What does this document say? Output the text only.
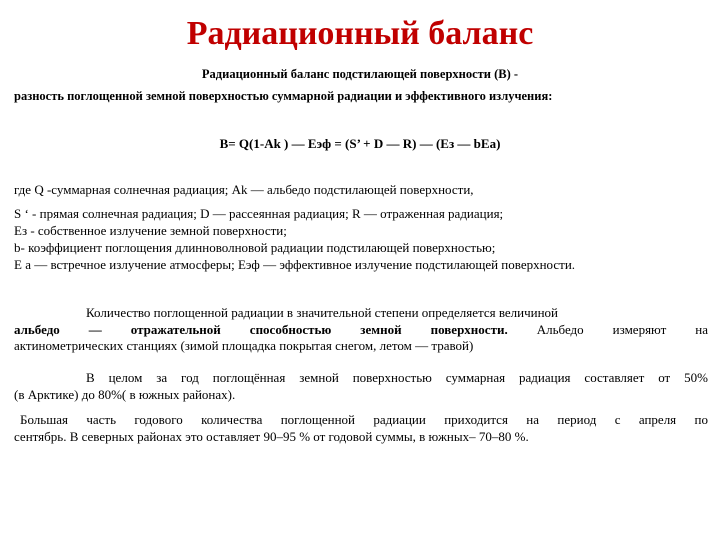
Радиационный баланс
Радиационный баланс подстилающей поверхности (В) -
разность поглощенной земной поверхностью суммарной радиации и эффективного излучения:
В= Q(1-Ak ) — Еэф = (S’ + D — R) — (Eз — bEа)
где Q -суммарная солнечная радиация; Ak — альбедо подстилающей поверхности,
S ‘ - прямая солнечная радиация; D — рассеянная радиация; R — отраженная радиация;
Ез - собственное излучение земной поверхности;
b- коэффициент поглощения длинноволновой радиации подстилающей поверхностью;
Е а — встречное излучение атмосферы; Еэф — эффективное излучение подстилающей поверхности.
Количество поглощенной радиации в значительной степени определяется величиной
альбедо — отражательной способностью земной поверхности. Альбедо измеряют на
актинометрических станциях (зимой площадка покрытая снегом, летом — травой)
В целом за год поглощённая земной поверхностью суммарная радиация составляет от 50%
(в Арктике) до 80%( в южных районах).
Большая часть годового количества поглощенной радиации приходится на период с апреля по
сентябрь. В северных районах это оставляет 90–95 % от годовой суммы, в южных– 70–80 %.
